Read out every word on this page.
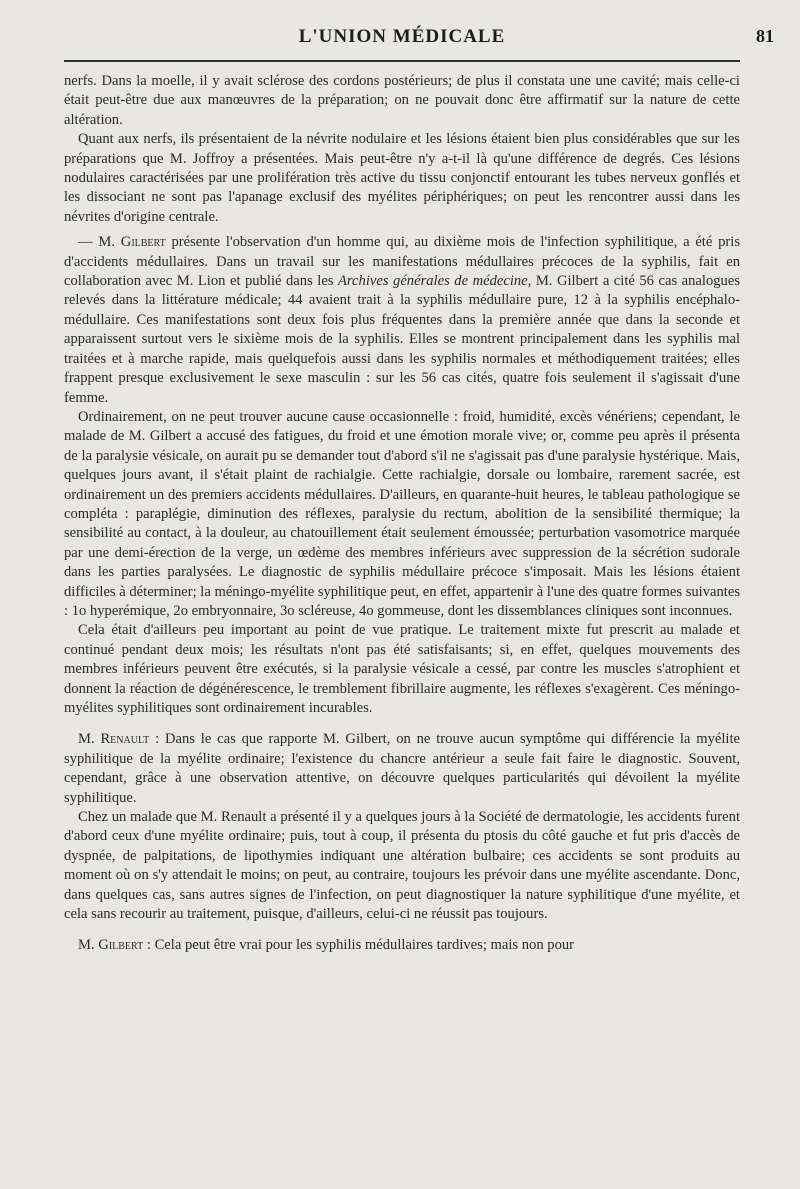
L'UNION MÉDICALE	81

nerfs. Dans la moelle, il y avait sclérose des cordons postérieurs; de plus il constata une une cavité; mais celle-ci était peut-être due aux manœuvres de la préparation; on ne pouvait donc être affirmatif sur la nature de cette altération.

Quant aux nerfs, ils présentaient de la névrite nodulaire et les lésions étaient bien plus considérables que sur les préparations que M. Joffroy a présentées. Mais peut-être n'y a-t-il là qu'une différence de degrés. Ces lésions nodulaires caractérisées par une prolifération très active du tissu conjonctif entourant les tubes nerveux gonflés et les dissociant ne sont pas l'apanage exclusif des myélites périphériques; on peut les rencontrer aussi dans les névrites d'origine centrale.

— M. Gilbert présente l'observation d'un homme qui, au dixième mois de l'infection syphilitique, a été pris d'accidents médullaires. Dans un travail sur les manifestations médullaires précoces de la syphilis, fait en collaboration avec M. Lion et publié dans les Archives générales de médecine, M. Gilbert a cité 56 cas analogues relevés dans la littérature médicale; 44 avaient trait à la syphilis médullaire pure, 12 à la syphilis encéphalo-médullaire. Ces manifestations sont deux fois plus fréquentes dans la première année que dans la seconde et apparaissent surtout vers le sixième mois de la syphilis. Elles se montrent principalement dans les syphilis mal traitées et à marche rapide, mais quelquefois aussi dans les syphilis normales et méthodiquement traitées; elles frappent presque exclusivement le sexe masculin : sur les 56 cas cités, quatre fois seulement il s'agissait d'une femme.

Ordinairement, on ne peut trouver aucune cause occasionnelle : froid, humidité, excès vénériens; cependant, le malade de M. Gilbert a accusé des fatigues, du froid et une émotion morale vive; or, comme peu après il présenta de la paralysie vésicale, on aurait pu se demander tout d'abord s'il ne s'agissait pas d'une paralysie hystérique. Mais, quelques jours avant, il s'était plaint de rachialgie. Cette rachialgie, dorsale ou lombaire, rarement sacrée, est ordinairement un des premiers accidents médullaires. D'ailleurs, en quarante-huit heures, le tableau pathologique se compléta : paraplégie, diminution des réflexes, paralysie du rectum, abolition de la sensibilité thermique; la sensibilité au contact, à la douleur, au chatouillement était seulement émoussée; perturbation vasomotrice marquée par une demi-érection de la verge, un œdème des membres inférieurs avec suppression de la sécrétion sudorale dans les parties paralysées. Le diagnostic de syphilis médullaire précoce s'imposait. Mais les lésions étaient difficiles à déterminer; la méningo-myélite syphilitique peut, en effet, appartenir à l'une des quatre formes suivantes : 1o hyperémique, 2o embryonnaire, 3o scléreuse, 4o gommeuse, dont les dissemblances cliniques sont inconnues.

Cela était d'ailleurs peu important au point de vue pratique. Le traitement mixte fut prescrit au malade et continué pendant deux mois; les résultats n'ont pas été satisfaisants; si, en effet, quelques mouvements des membres inférieurs peuvent être exécutés, si la paralysie vésicale a cessé, par contre les muscles s'atrophient et donnent la réaction de dégénérescence, le tremblement fibrillaire augmente, les réflexes s'exagèrent. Ces méningo-myélites syphilitiques sont ordinairement incurables.

M. Renault : Dans le cas que rapporte M. Gilbert, on ne trouve aucun symptôme qui différencie la myélite syphilitique de la myélite ordinaire; l'existence du chancre antérieur a seule fait faire le diagnostic. Souvent, cependant, grâce à une observation attentive, on découvre quelques particularités qui dévoilent la myélite syphilitique.

Chez un malade que M. Renault a présenté il y a quelques jours à la Société de dermatologie, les accidents furent d'abord ceux d'une myélite ordinaire; puis, tout à coup, il présenta du ptosis du côté gauche et fut pris d'accès de dyspnée, de palpitations, de lipothymies indiquant une altération bulbaire; ces accidents se sont produits au moment où on s'y attendait le moins; on peut, au contraire, toujours les prévoir dans une myélite ascendante. Donc, dans quelques cas, sans autres signes de l'infection, on peut diagnostiquer la nature syphilitique d'une myélite, et cela sans recourir au traitement, puisque, d'ailleurs, celui-ci ne réussit pas toujours.

M. Gilbert : Cela peut être vrai pour les syphilis médullaires tardives; mais non pour
